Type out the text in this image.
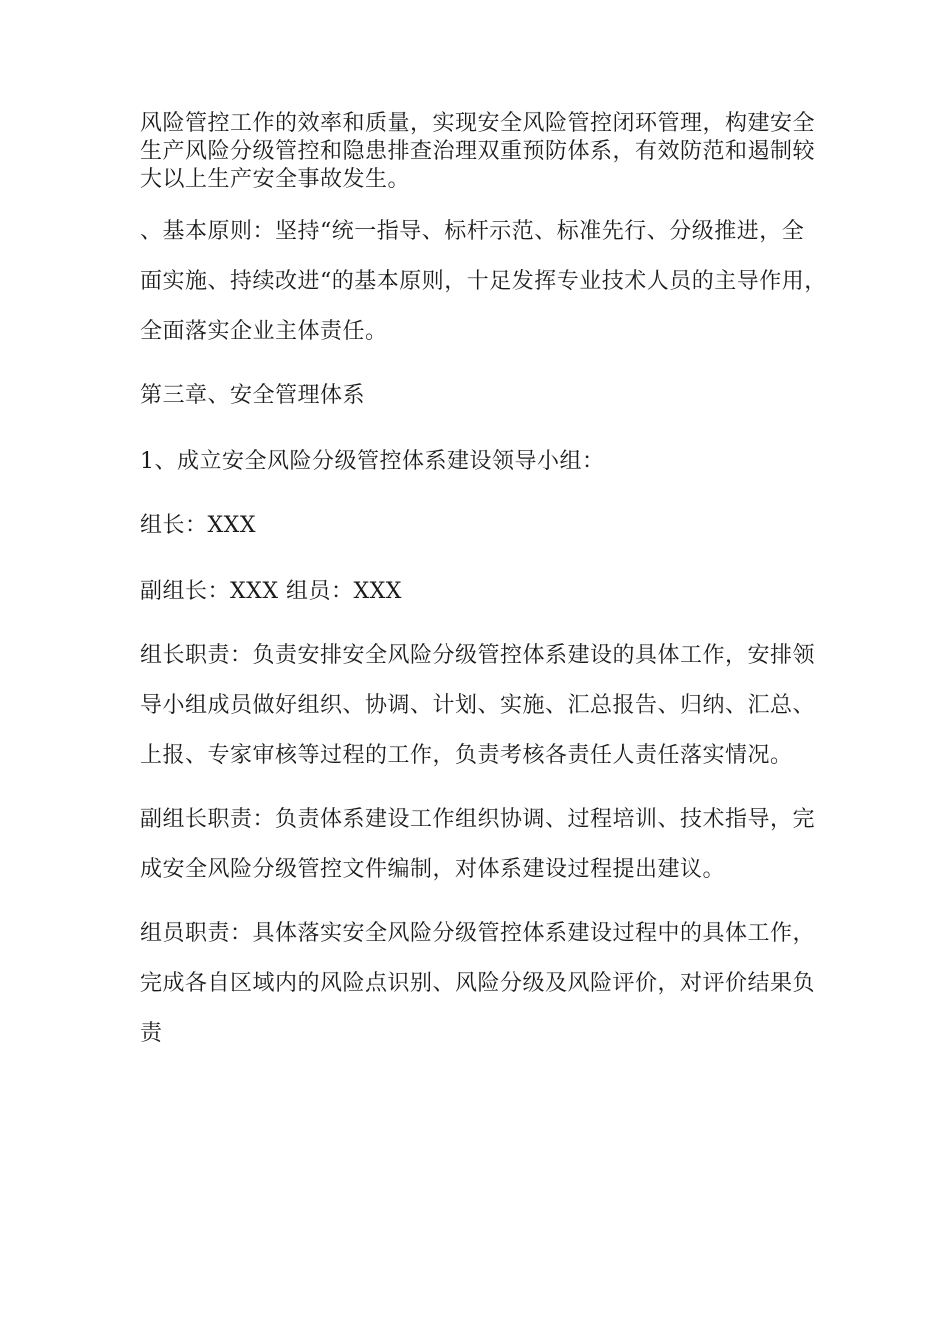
风险管控工作的效率和质量，实现安全风险管控闭环管理，构建安全
生产风险分级管控和隐患排查治理双重预防体系，有效防范和遏制较
大以上生产安全事故发生。
、基本原则：坚持“统一指导、标杆示范、标准先行、分级推进，全
面实施、持续改进“的基本原则，十足发挥专业技术人员的主导作用，
全面落实企业主体责任。
第三章、安全管理体系
1、成立安全风险分级管控体系建设领导小组：
组长：XXX
副组长：XXX 组员：XXX
组长职责：负责安排安全风险分级管控体系建设的具体工作，安排领
导小组成员做好组织、协调、计划、实施、汇总报告、归纳、汇总、
上报、专家审核等过程的工作，负责考核各责任人责任落实情况。
副组长职责：负责体系建设工作组织协调、过程培训、技术指导，完
成安全风险分级管控文件编制，对体系建设过程提出建议。
组员职责：具体落实安全风险分级管控体系建设过程中的具体工作，
完成各自区域内的风险点识别、风险分级及风险评价，对评价结果负
责
